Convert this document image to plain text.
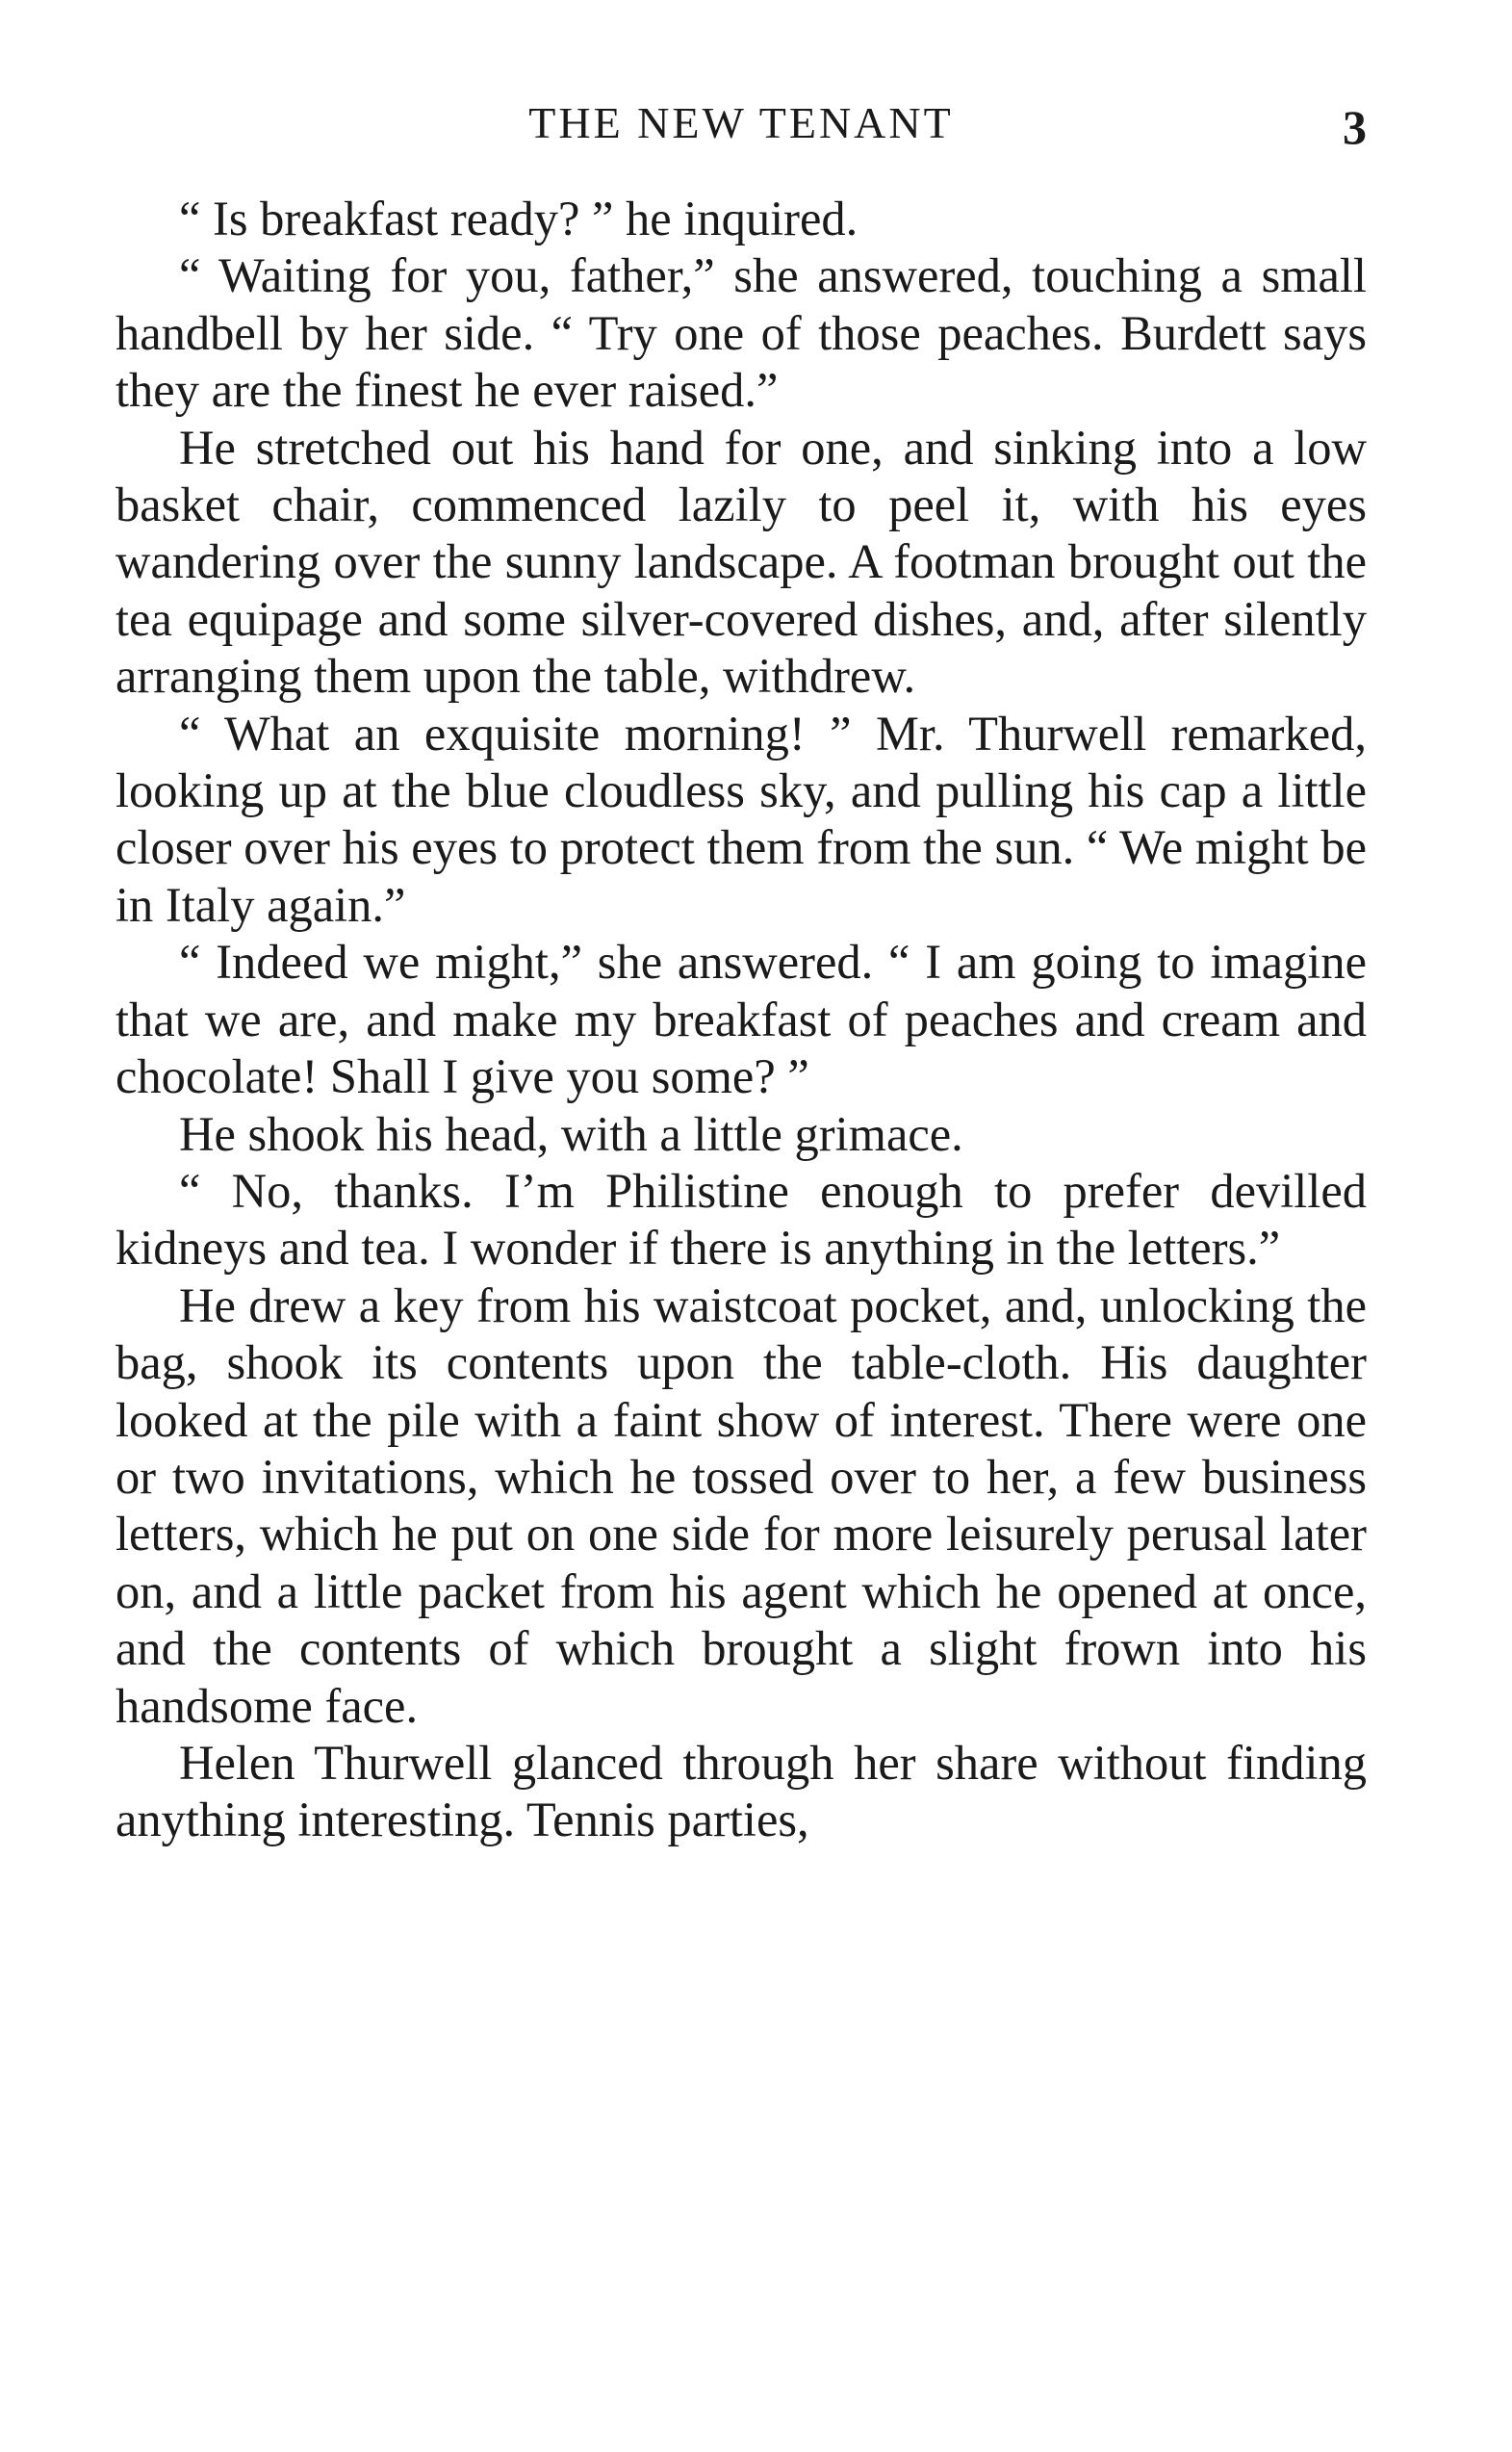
THE NEW TENANT	3

“ Is breakfast ready? ” he inquired.

“ Waiting for you, father,” she answered, touching a small handbell by her side. “ Try one of those peaches. Burdett says they are the finest he ever raised.”

He stretched out his hand for one, and sinking into a low basket chair, commenced lazily to peel it, with his eyes wandering over the sunny landscape. A footman brought out the tea equipage and some silver-covered dishes, and, after silently arranging them upon the table, withdrew.

“ What an exquisite morning! ” Mr. Thurwell remarked, looking up at the blue cloudless sky, and pulling his cap a little closer over his eyes to protect them from the sun. “ We might be in Italy again.”

“ Indeed we might,” she answered. “ I am going to imagine that we are, and make my breakfast of peaches and cream and chocolate! Shall I give you some? ”

He shook his head, with a little grimace.

“ No, thanks. I’m Philistine enough to prefer devilled kidneys and tea. I wonder if there is anything in the letters.”

He drew a key from his waistcoat pocket, and, unlocking the bag, shook its contents upon the table-cloth. His daughter looked at the pile with a faint show of interest. There were one or two invitations, which he tossed over to her, a few business letters, which he put on one side for more leisurely perusal later on, and a little packet from his agent which he opened at once, and the contents of which brought a slight frown into his handsome face.

Helen Thurwell glanced through her share without finding anything interesting. Tennis parties,
